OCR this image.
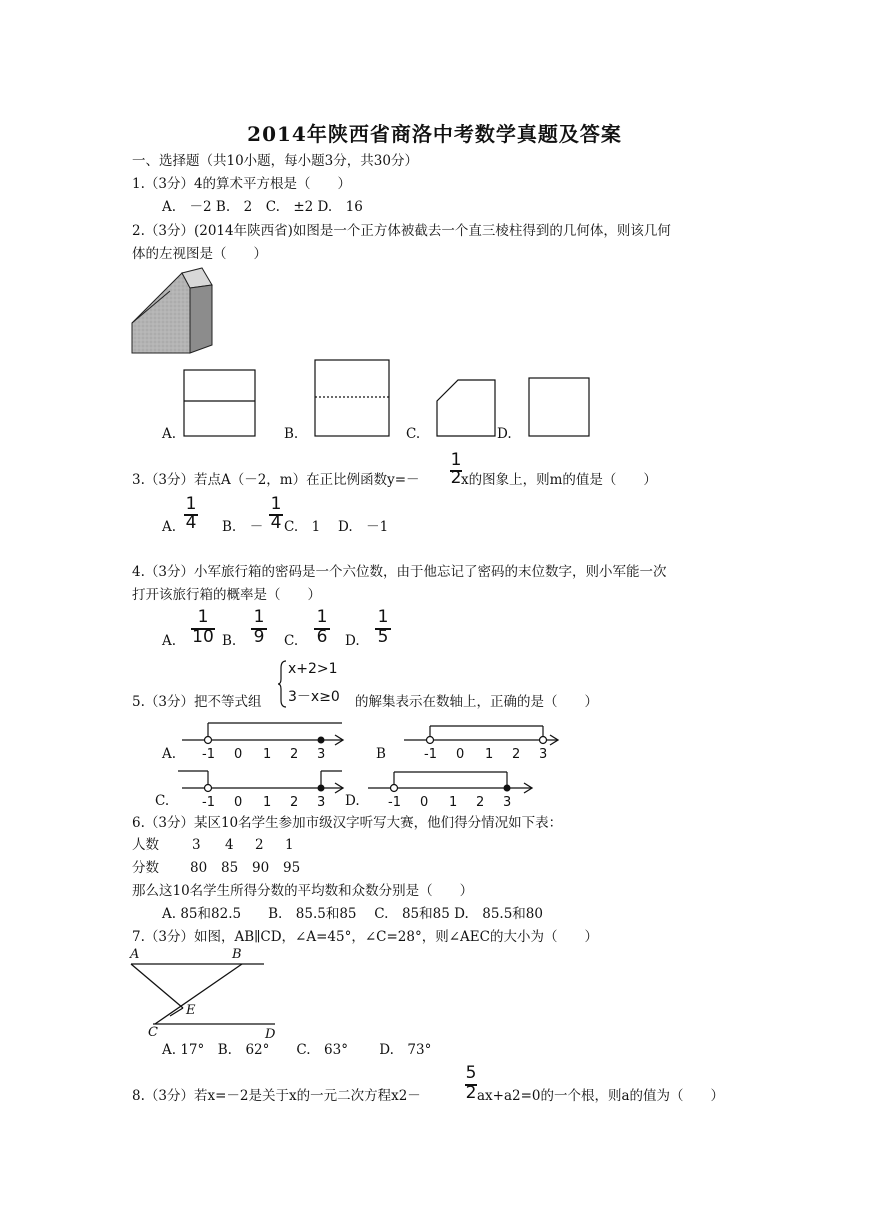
2014年陕西省商洛中考数学真题及答案
一、选择题（共10小题，每小题3分，共30分）
1.（3分）4的算术平方根是（　　）
A.　－2 B.　2　C.　±2 D.　16
2.（3分）(2014年陕西省)如图是一个正方体被截去一个直三棱柱得到的几何体，则该几何
体的左视图是（　　）
A.	B.	C.	D.
3.（3分）若点A（－2，m）在正比例函数y=－
1
2 x的图象上，则m的值是（　　）
A.
1
4 B.　－
1
4 C.　1　 D.　－1
4.（3分）小军旅行箱的密码是一个六位数，由于他忘记了密码的末位数字，则小军能一次
打开该旅行箱的概率是（　　）
A.
1
10 B.
1
9 C.
1
6 D.
1
5
5.（3分）把不等式组
x+2>1
3－x≥0 的解集表示在数轴上，正确的是（　　）
A.	B
C.	D.
-1 0 1 2 3	-1 0 1 2 3
-1 0 1 2 3	-1 0 1 2 3
6.（3分）某区10名学生参加市级汉字听写大赛，他们得分情况如下表：
人数 3 4 2 1
分数 80 85 90 95
那么这10名学生所得分数的平均数和众数分别是（　　）
A. 85和82.5　　B.　85.5和85　 C.　85和85 D.　85.5和80
7.（3分）如图，AB∥CD，∠A=45°，∠C=28°，则∠AEC的大小为（　　）
A	B
E
C	D
A. 17°　B.　62°　　C.　63°　　 D.　73°
8.（3分）若x=－2是关于x的一元二次方程x2－
5
2 ax+a2=0的一个根，则a的值为（　　）
